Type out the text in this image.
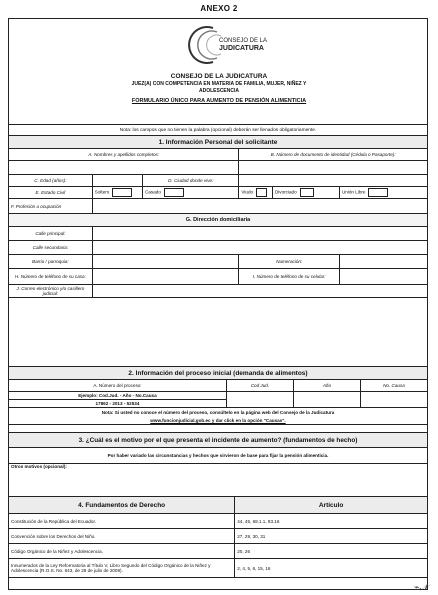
ANEXO 2
CONSEJO DE LA
JUDICATURA
CONSEJO DE LA JUDICATURA
JUEZ(A) CON COMPETENCIA EN MATERIA DE FAMILIA, MUJER, NIÑEZ Y
ADOLESCENCIA
FORMULARIO ÚNICO PARA AUMENTO DE PENSIÓN ALIMENTICIA
Nota: los campos que no tienen la palabra (opcional) deberán ser llenados obligatoriamente.					
1. Información Personal del solicitante					
A. Nombres y apellidos completos:			B. Número de documento de identidad (Cédula o Pasaporte):		

C. Edad (años):		D. Ciudad donde vive:			
E. Estado Civil	Soltero	Casado	Viudo	Divorciado	Unión Libre
F. Profesión u ocupación					
G. Dirección domiciliaria					
Calle principal:					
Calle secundaria:					
Barrio / parroquia:			Numeración:		
H. Número de teléfono de su casa:			I. Número de teléfono de su celular:		
J. Correo electrónico y/o casillero judicial:					
2. Información del proceso inicial (demanda de alimentos)			
A. Número del proceso:	Cod Jud.	Año	No. Causa
Ejemplo: Cod.Jud. - Año - No.Causa			
17862 - 2013 - 52534			
Nota: Si usted no conoce el número del proceso, consúltelo en la página web del Consejo de la Judicatura			
www.funcionjudicial.gob.ec y dar click en la opción "Causas".			
3. ¿Cuál es el motivo por el que presenta el incidente de aumento? (fundamentos de hecho)
Por haber variado las circunstancias y hechos que sirvieron de base para fijar la pensión alimenticia.
Otros motivos (opcional):
4. Fundamentos de Derecho	Artículo
Constitución de la República del Ecuador.	44, 45, 69.1.1, 83.16
Convención sobre los Derechos del Niño.	27, 29, 30, 31
Código Orgánico de la Niñez y Adolescencia.	20, 26
Innumerados de la Ley Reformatoria al Título V, Libro Segundo del Código Orgánico de la Niñez y Adolescencia (R.O.S. No. 643, de 28 de julio de 2009).	2, 4, 5, 6, 15, 16
⌁𝒩
